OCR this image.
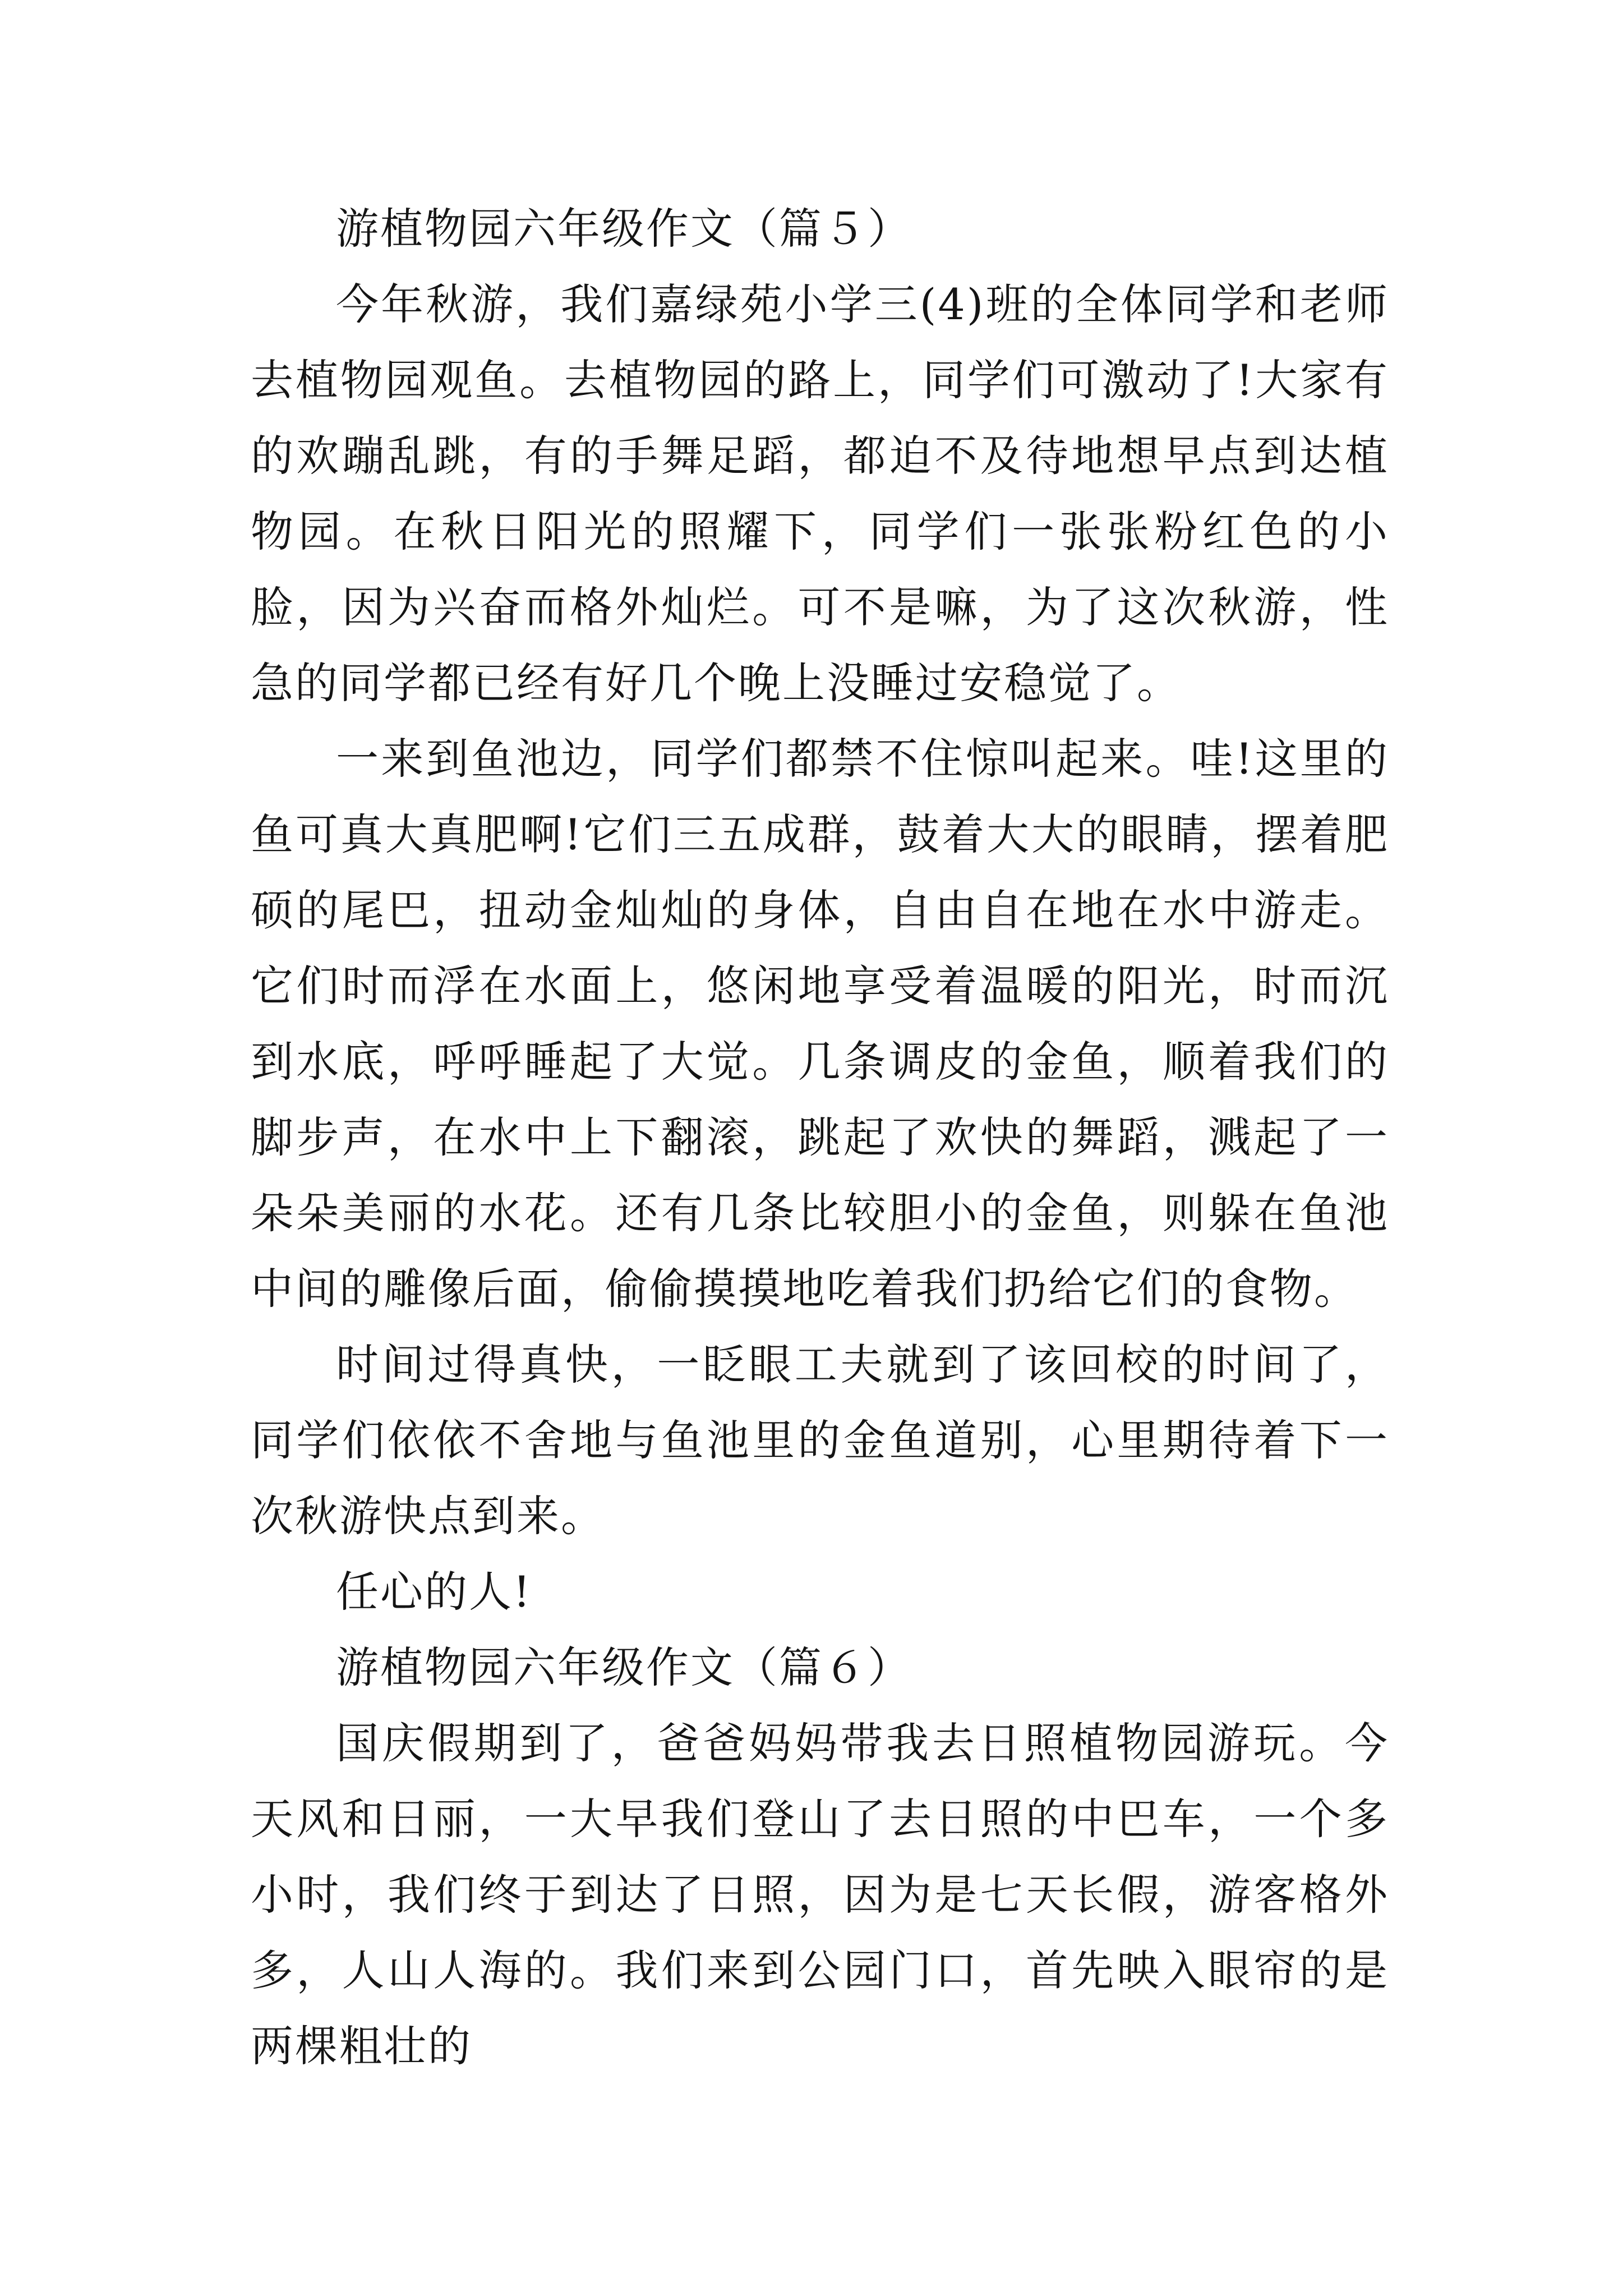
游植物园六年级作文（篇５）

今年秋游，我们嘉绿苑小学三(4)班的全体同学和老师去植物园观鱼。去植物园的路上，同学们可激动了!大家有的欢蹦乱跳，有的手舞足蹈，都迫不及待地想早点到达植物园。在秋日阳光的照耀下，同学们一张张粉红色的小脸，因为兴奋而格外灿烂。可不是嘛，为了这次秋游，性急的同学都已经有好几个晚上没睡过安稳觉了。

一来到鱼池边，同学们都禁不住惊叫起来。哇!这里的鱼可真大真肥啊!它们三五成群，鼓着大大的眼睛，摆着肥硕的尾巴，扭动金灿灿的身体，自由自在地在水中游走。它们时而浮在水面上，悠闲地享受着温暖的阳光，时而沉到水底，呼呼睡起了大觉。几条调皮的金鱼，顺着我们的脚步声，在水中上下翻滚，跳起了欢快的舞蹈，溅起了一朵朵美丽的水花。还有几条比较胆小的金鱼，则躲在鱼池中间的雕像后面，偷偷摸摸地吃着我们扔给它们的食物。

时间过得真快，一眨眼工夫就到了该回校的时间了，同学们依依不舍地与鱼池里的金鱼道别，心里期待着下一次秋游快点到来。

任心的人!

游植物园六年级作文（篇６）

国庆假期到了，爸爸妈妈带我去日照植物园游玩。今天风和日丽，一大早我们登山了去日照的中巴车，一个多小时，我们终于到达了日照，因为是七天长假，游客格外多，人山人海的。我们来到公园门口，首先映入眼帘的是两棵粗壮的
